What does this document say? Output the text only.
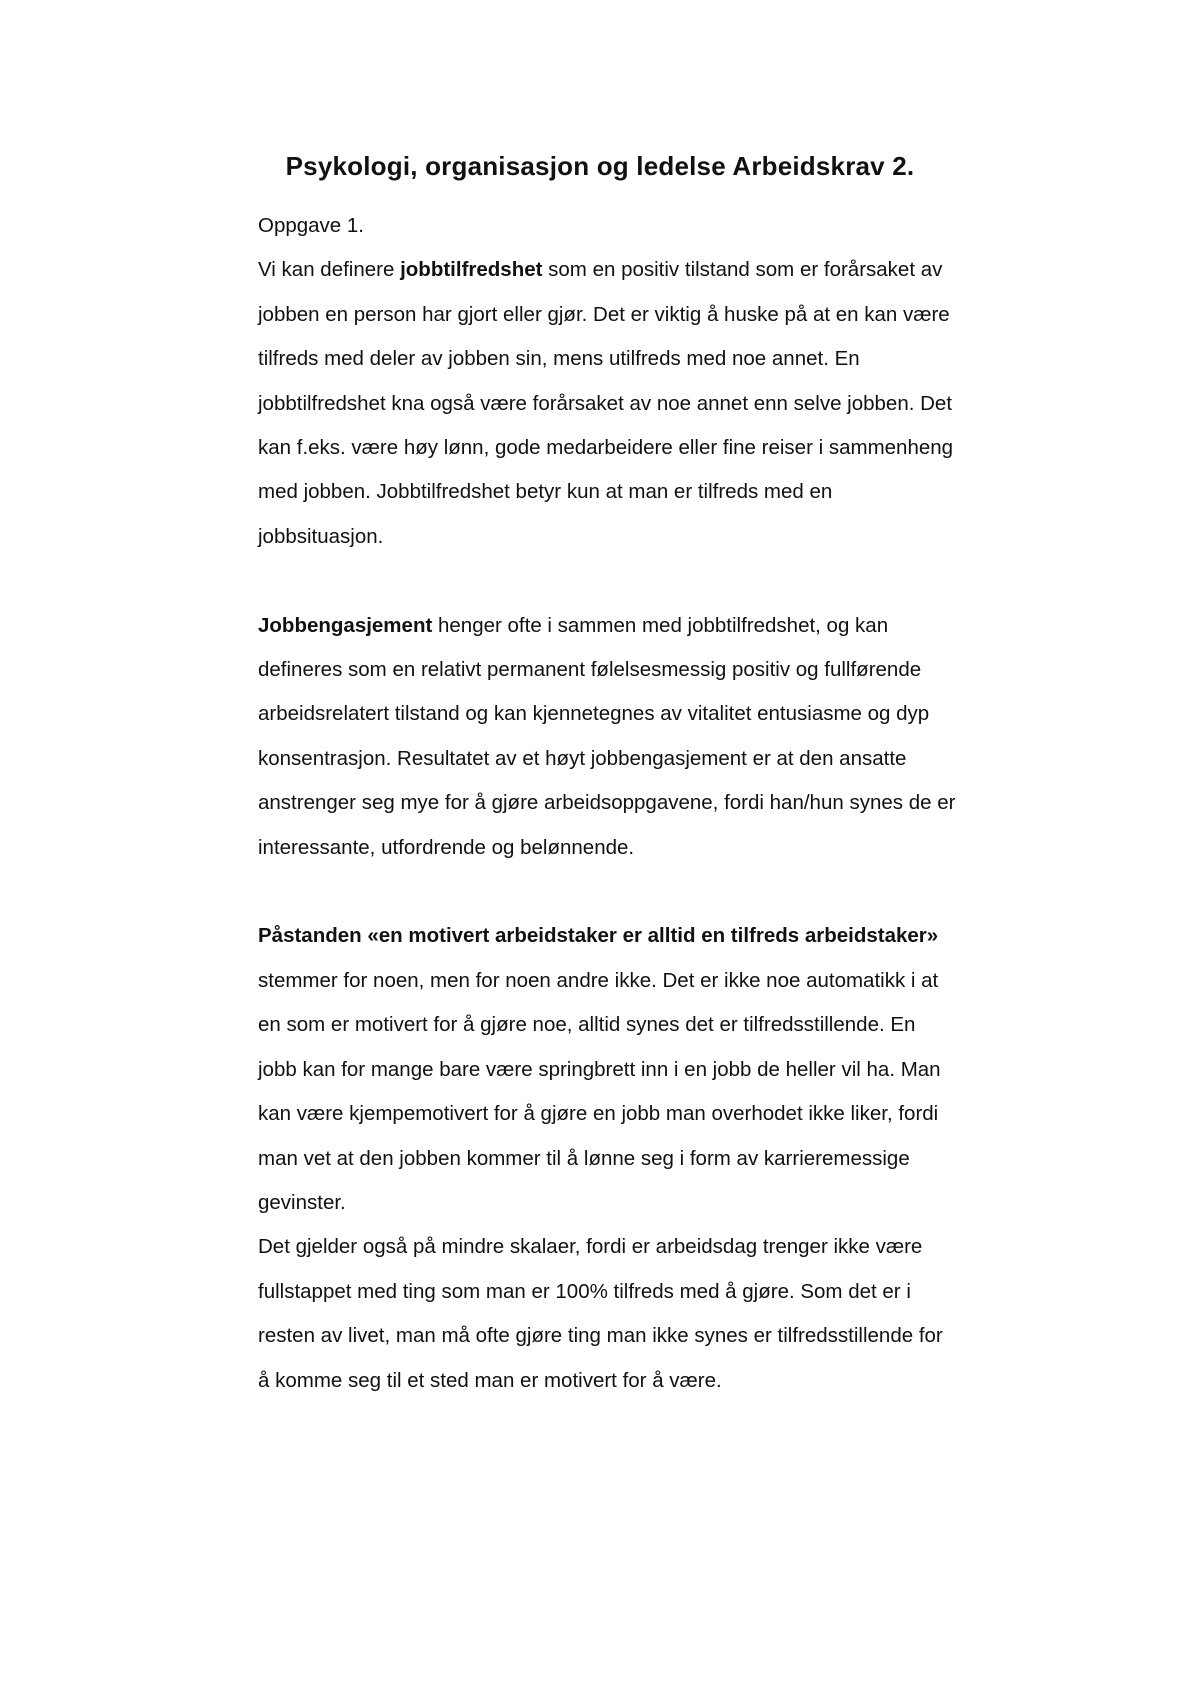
Psykologi, organisasjon og ledelse Arbeidskrav 2.

Oppgave 1.

Vi kan definere jobbtilfredshet som en positiv tilstand som er forårsaket av jobben en person har gjort eller gjør. Det er viktig å huske på at en kan være tilfreds med deler av jobben sin, mens utilfreds med noe annet. En jobbtilfredshet kna også være forårsaket av noe annet enn selve jobben. Det kan f.eks. være høy lønn, gode medarbeidere eller fine reiser i sammenheng med jobben. Jobbtilfredshet betyr kun at man er tilfreds med en jobbsituasjon.

Jobbengasjement henger ofte i sammen med jobbtilfredshet, og kan defineres som en relativt permanent følelsesmessig positiv og fullførende arbeidsrelatert tilstand og kan kjennetegnes av vitalitet entusiasme og dyp konsentrasjon. Resultatet av et høyt jobbengasjement er at den ansatte anstrenger seg mye for å gjøre arbeidsoppgavene, fordi han/hun synes de er interessante, utfordrende og belønnende.

Påstanden «en motivert arbeidstaker er alltid en tilfreds arbeidstaker» stemmer for noen, men for noen andre ikke. Det er ikke noe automatikk i at en som er motivert for å gjøre noe, alltid synes det er tilfredsstillende. En jobb kan for mange bare være springbrett inn i en jobb de heller vil ha. Man kan være kjempemotivert for å gjøre en jobb man overhodet ikke liker, fordi man vet at den jobben kommer til å lønne seg i form av karrieremessige gevinster.

Det gjelder også på mindre skalaer, fordi er arbeidsdag trenger ikke være fullstappet med ting som man er 100% tilfreds med å gjøre. Som det er i resten av livet, man må ofte gjøre ting man ikke synes er tilfredsstillende for å komme seg til et sted man er motivert for å være.
